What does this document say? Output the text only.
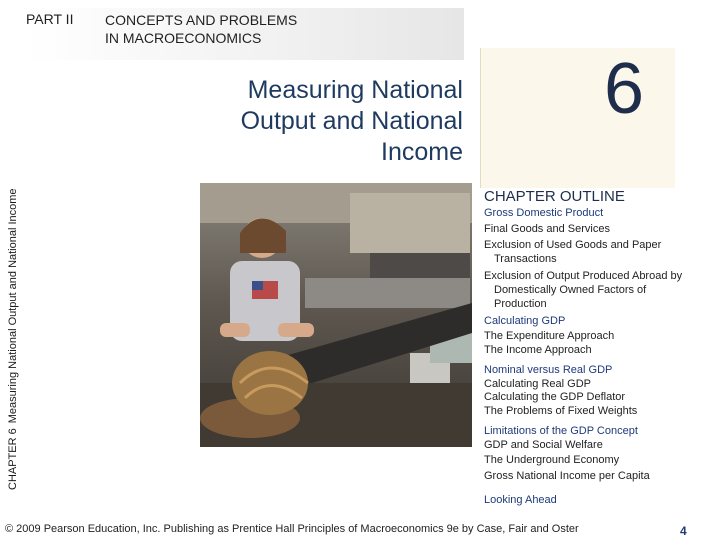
PART II CONCEPTS AND PROBLEMS
IN MACROECONOMICS
CHAPTER 6Measuring National Output and National Income
Measuring National
Output and National
Income
6
CHAPTER OUTLINE
Gross Domestic Product
Final Goods and Services
Exclusion of Used Goods and Paper
Transactions
Exclusion of Output Produced Abroad by
Domestically Owned Factors of
Production
Calculating GDP
The Expenditure Approach
The Income Approach
Nominal versus Real GDP
Calculating Real GDP
Calculating the GDP Deflator
The Problems of Fixed Weights
Limitations of the GDP Concept
GDP and Social Welfare
The Underground Economy
Gross National Income per Capita
Looking Ahead
© 2009 Pearson Education, Inc. Publishing as Prentice Hall Principles of Macroeconomics 9e by Case, Fair and Oster	4
